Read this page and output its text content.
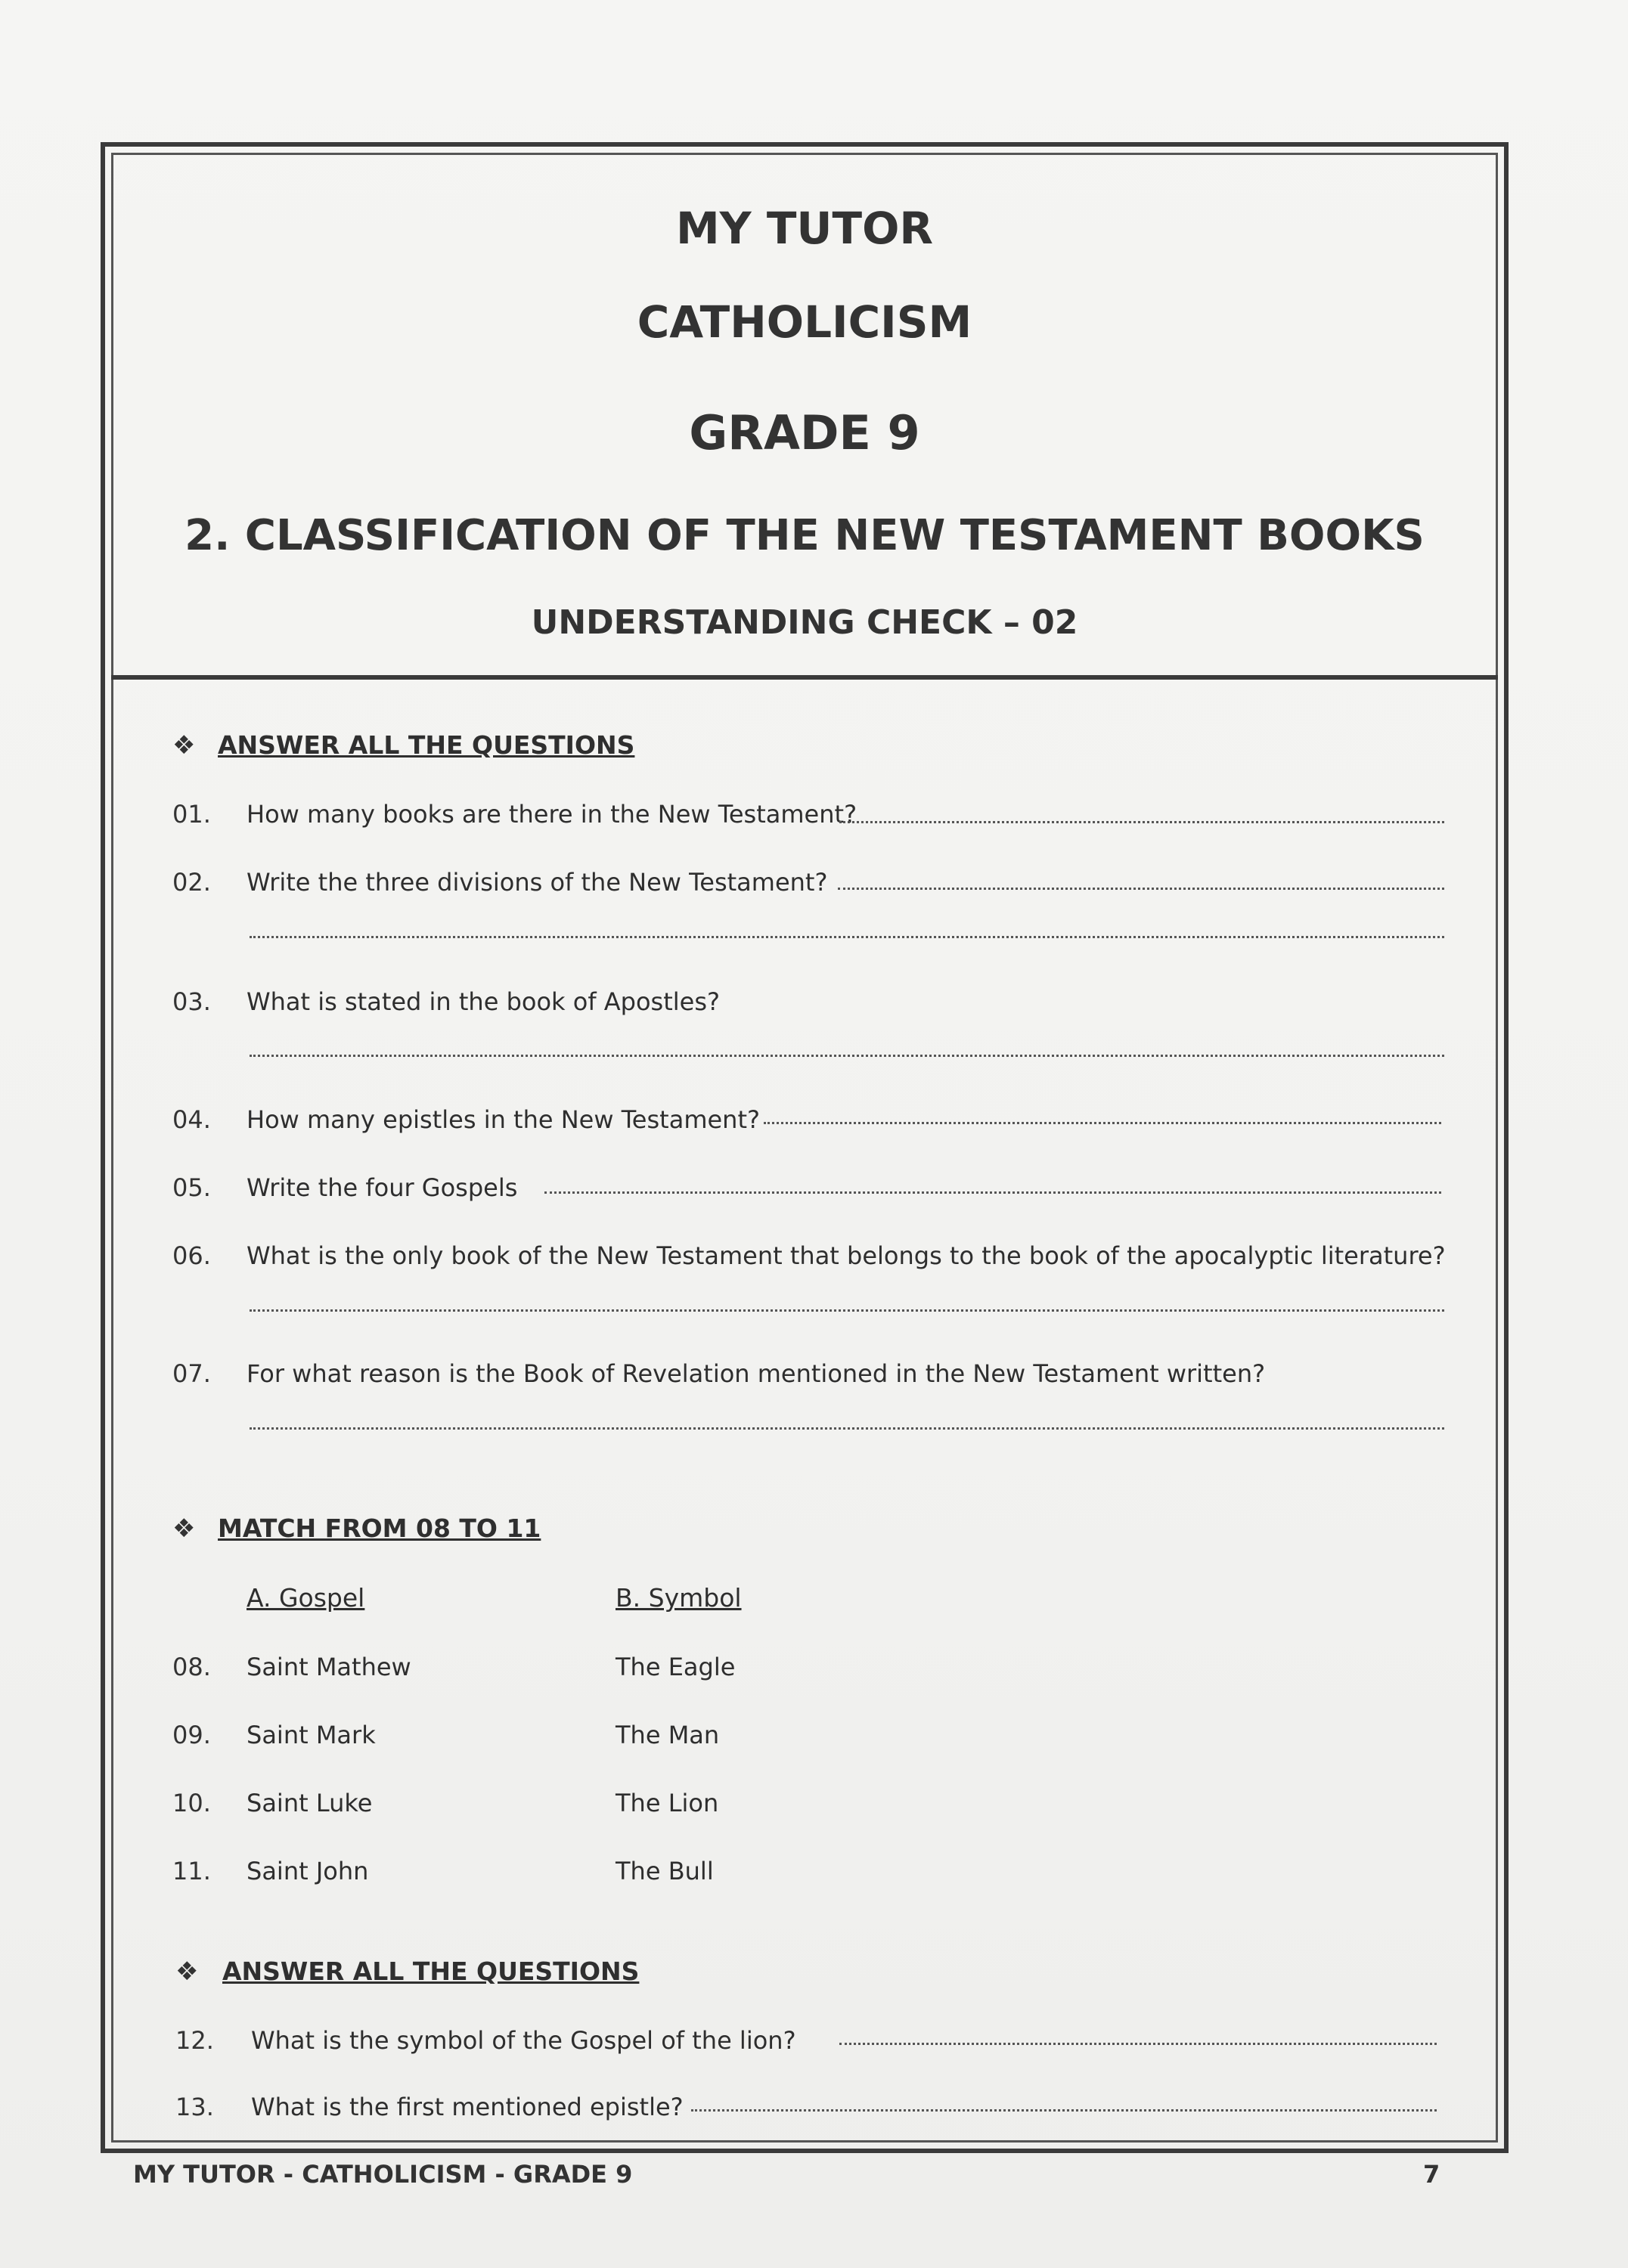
MY TUTOR
CATHOLICISM
GRADE 9
2. CLASSIFICATION OF THE NEW TESTAMENT BOOKS
UNDERSTANDING CHECK – 02
❖ ANSWER ALL THE QUESTIONS
01. How many books are there in the New Testament?
02. Write the three divisions of the New Testament?
03. What is stated in the book of Apostles?
04. How many epistles in the New Testament?
05. Write the four Gospels
06. What is the only book of the New Testament that belongs to the book of the apocalyptic literature?
07. For what reason is the Book of Revelation mentioned in the New Testament written?
❖ MATCH FROM 08 TO 11
A. Gospel	B. Symbol
08. Saint Mathew	The Eagle
09. Saint Mark	The Man
10. Saint Luke	The Lion
11. Saint John	The Bull
❖ ANSWER ALL THE QUESTIONS
12. What is the symbol of the Gospel of the lion?
13. What is the first mentioned epistle?
MY TUTOR - CATHOLICISM - GRADE 9	7
